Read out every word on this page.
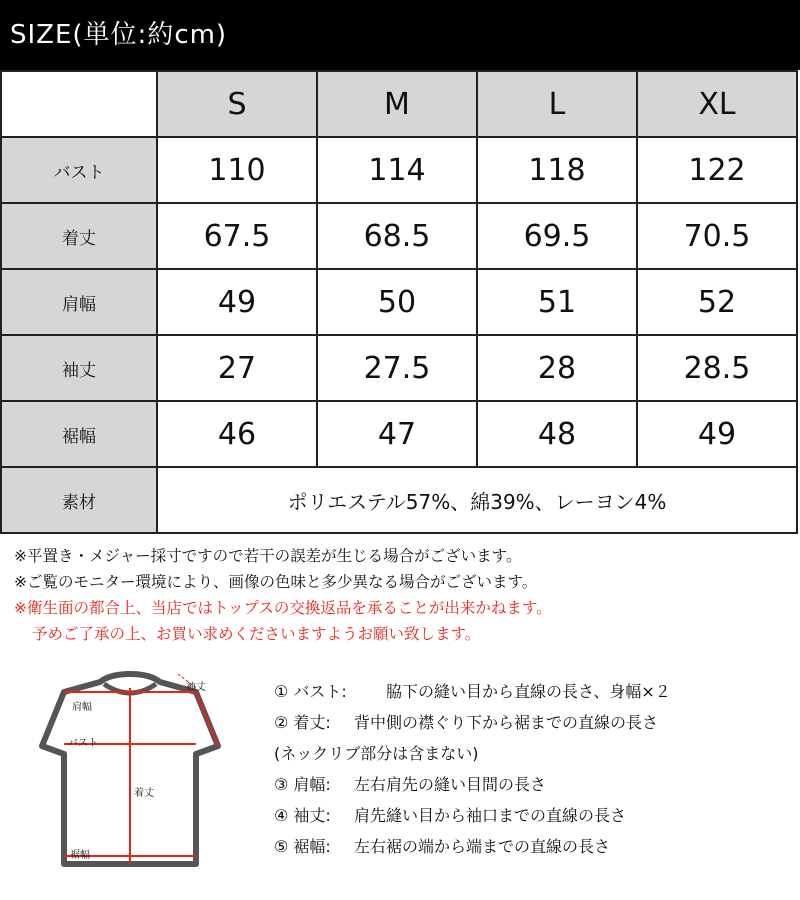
SIZE(単位:約cm)
	S	M	L	XL
バスト	110	114	118	122
着丈	67.5	68.5	69.5	70.5
肩幅	49	50	51	52
袖丈	27	27.5	28	28.5
裾幅	46	47	48	49
素材	ポリエステル57%、綿39%、レーヨン4%			
※平置き・メジャー採寸ですので若干の誤差が生じる場合がございます。
※ご覧のモニター環境により、画像の色味と多少異なる場合がございます。
※衛生面の都合上、当店ではトップスの交換返品を承ることが出来かねます。
予めご了承の上、お買い求めくださいますようお願い致します。
肩幅
袖丈
バスト
着丈
裾幅
① バスト: 脇下の縫い目から直線の長さ、身幅×２
② 着丈: 背中側の襟ぐり下から裾までの直線の長さ
(ネックリブ部分は含まない)
③ 肩幅: 左右肩先の縫い目間の長さ
④ 袖丈: 肩先縫い目から袖口までの直線の長さ
⑤ 裾幅: 左右裾の端から端までの直線の長さ
